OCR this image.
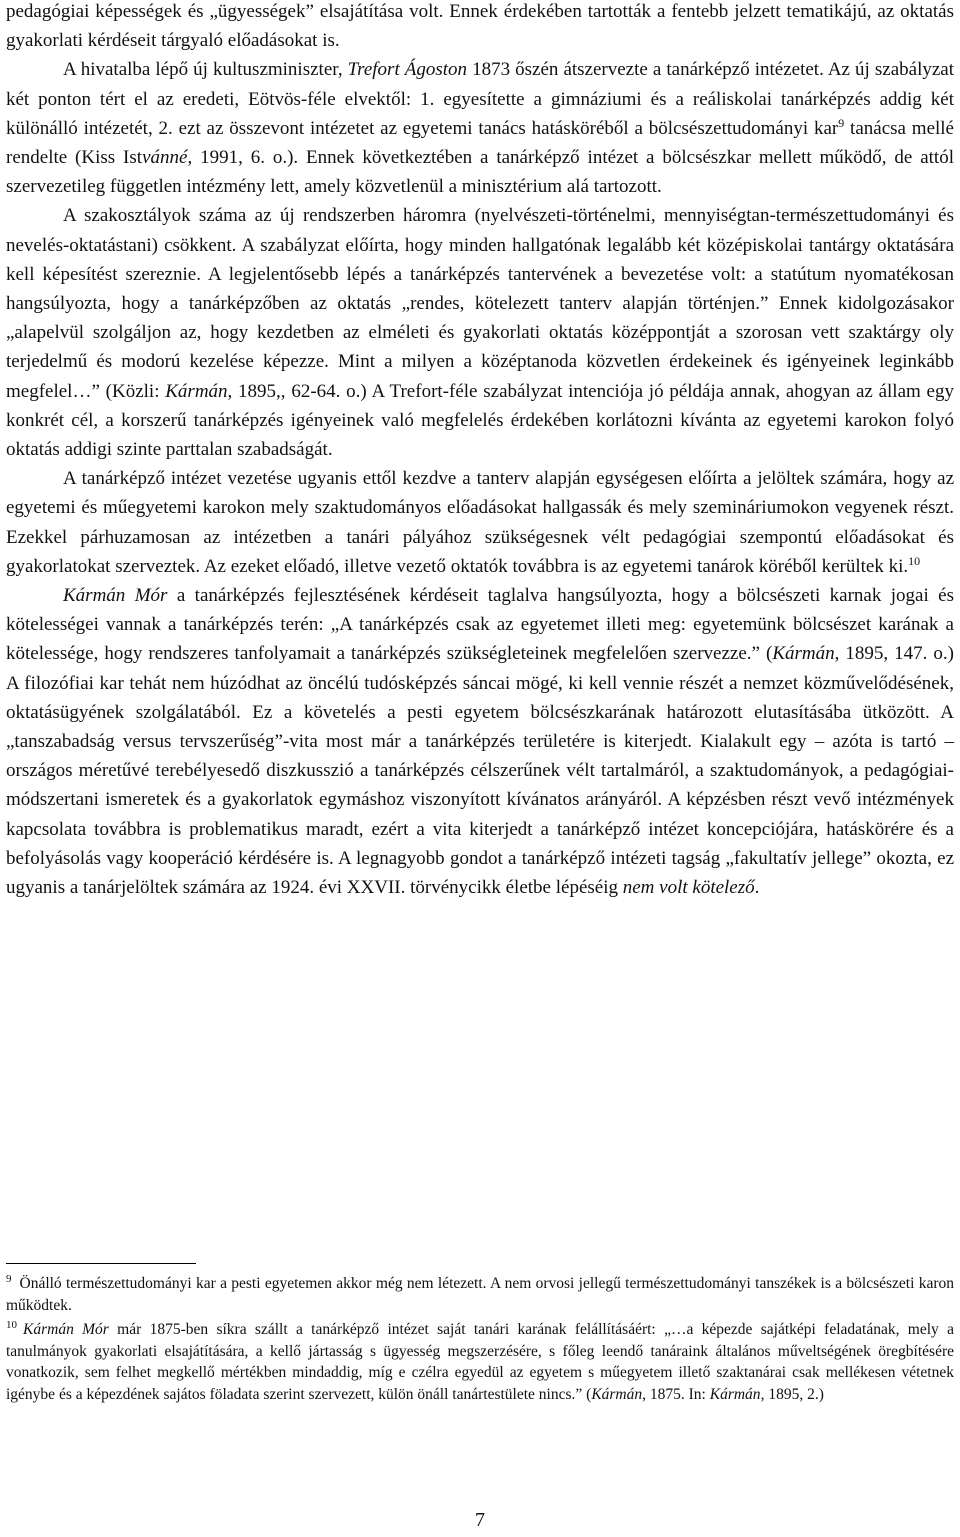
pedagógiai képességek és „ügyességek” elsajátítása volt. Ennek érdekében tartották a fentebb jelzett tematikájú, az oktatás gyakorlati kérdéseit tárgyaló előadásokat is.

A hivatalba lépő új kultuszminiszter, Trefort Ágoston 1873 őszén átszervezte a tanárképző intézetet. Az új szabályzat két ponton tért el az eredeti, Eötvös-féle elvektől: 1. egyesítette a gimnáziumi és a reáliskolai tanárképzés addig két különálló intézetét, 2. ezt az összevont intézetet az egyetemi tanács hatásköréből a bölcsészettudományi kar$^9$ tanácsa mellé rendelte (Kiss Istvánné, 1991, 6. o.). Ennek következtében a tanárképző intézet a bölcsészkar mellett működő, de attól szervezetileg független intézmény lett, amely közvetlenül a minisztérium alá tartozott.

A szakosztályok száma az új rendszerben háromra (nyelvészeti-történelmi, mennyiségtan-természettudományi és nevelés-oktatástani) csökkent. A szabályzat előírta, hogy minden hallgatónak legalább két középiskolai tantárgy oktatására kell képesítést szereznie. A legjelentősebb lépés a tanárképzés tantervének a bevezetése volt: a statútum nyomatékosan hangsúlyozta, hogy a tanárképzőben az oktatás „rendes, kötelezett tanterv alapján történjen.” Ennek kidolgozásakor „alapelvül szolgáljon az, hogy kezdetben az elméleti és gyakorlati oktatás középpontját a szorosan vett szaktárgy oly terjedelmű és modorú kezelése képezze. Mint a milyen a középtanoda közvetlen érdekeinek és igényeinek leginkább megfelel…” (Közli: Kármán, 1895,, 62-64. o.) A Trefort-féle szabályzat intenciója jó példája annak, ahogyan az állam egy konkrét cél, a korszerű tanárképzés igényeinek való megfelelés érdekében korlátozni kívánta az egyetemi karokon folyó oktatás addigi szinte parttalan szabadságát.

A tanárképző intézet vezetése ugyanis ettől kezdve a tanterv alapján egységesen előírta a jelöltek számára, hogy az egyetemi és műegyetemi karokon mely szaktudományos előadásokat hallgassák és mely szemináriumokon vegyenek részt. Ezekkel párhuzamosan az intézetben a tanári pályához szükségesnek vélt pedagógiai szempontú előadásokat és gyakorlatokat szerveztek. Az ezeket előadó, illetve vezető oktatók továbbra is az egyetemi tanárok köréből kerültek ki.$^{10}$

Kármán Mór a tanárképzés fejlesztésének kérdéseit taglalva hangsúlyozta, hogy a bölcsészeti karnak jogai és kötelességei vannak a tanárképzés terén: „A tanárképzés csak az egyetemet illeti meg: egyetemünk bölcsészet karának a kötelessége, hogy rendszeres tanfolyamait a tanárképzés szükségleteinek megfelelően szervezze.” (Kármán, 1895, 147. o.) A filozófiai kar tehát nem húzódhat az öncélú tudósképzés sáncai mögé, ki kell vennie részét a nemzet közművelődésének, oktatásügyének szolgálatából. Ez a követelés a pesti egyetem bölcsészkarának határozott elutasításába ütközött. A „tanszabadság versus tervszerűség”-vita most már a tanárképzés területére is kiterjedt. Kialakult egy – azóta is tartó – országos méretűvé terebélyesedő diszkusszió a tanárképzés célszerűnek vélt tartalmáról, a szaktudományok, a pedagógiai-módszertani ismeretek és a gyakorlatok egymáshoz viszonyított kívánatos arányáról. A képzésben részt vevő intézmények kapcsolata továbbra is problematikus maradt, ezért a vita kiterjedt a tanárképző intézet koncepciójára, hatáskörére és a befolyásolás vagy kooperáció kérdésére is. A legnagyobb gondot a tanárképző intézeti tagság „fakultatív jellege” okozta, ez ugyanis a tanárjelöltek számára az 1924. évi XXVII. törvénycikk életbe lépéséig nem volt kötelező.

$^9$ Önálló természettudományi kar a pesti egyetemen akkor még nem létezett. A nem orvosi jellegű természettudományi tanszékek is a bölcsészeti karon működtek.

$^{10}$ Kármán Mór már 1875-ben síkra szállt a tanárképző intézet saját tanári karának felállításáért: „…a képezde sajátképi feladatának, mely a tanulmányok gyakorlati elsajátítására, a kellő jártasság s ügyesség megszerzésére, s főleg leendő tanáraink általános műveltségének öregbítésére vonatkozik, sem felhet megkellő mértékben mindaddig, míg e czélra egyedül az egyetem s műegyetem illető szaktanárai csak mellékesen vétetnek igénybe és a képezdének sajátos föladata szerint szervezett, külön önáll tanártestülete nincs.” (Kármán, 1875. In: Kármán, 1895, 2.)

7
